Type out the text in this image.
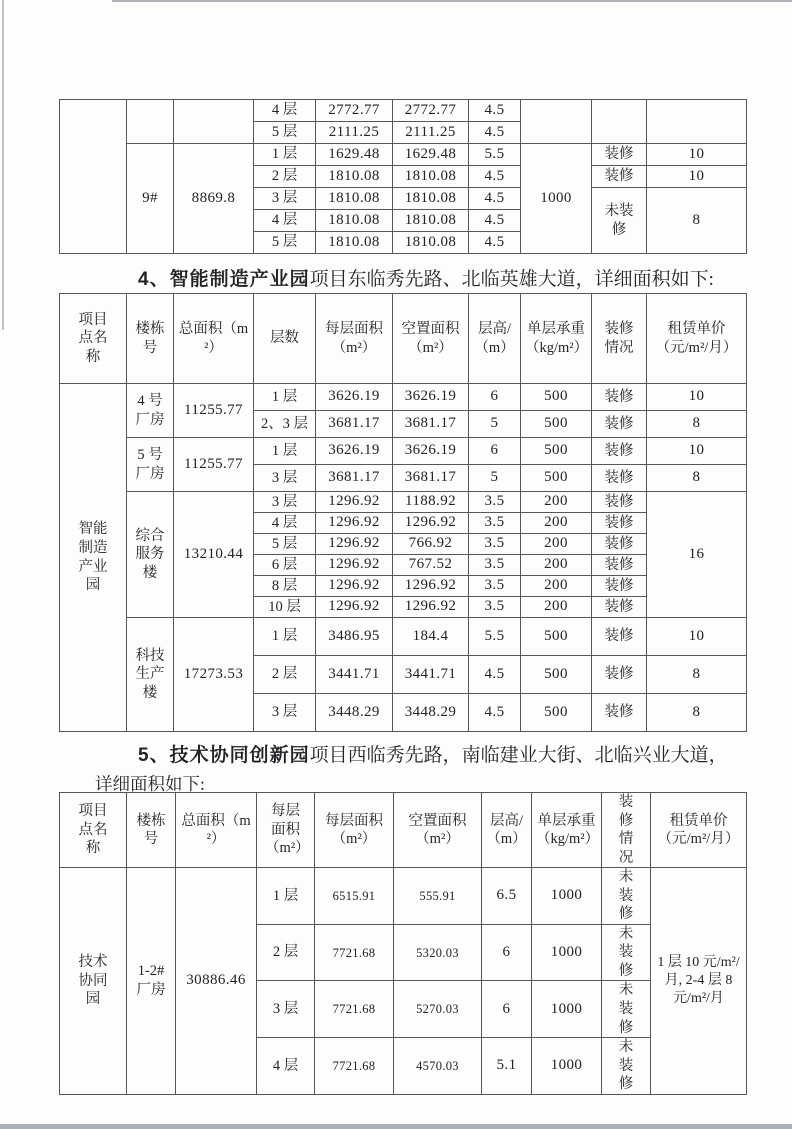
			4 层	2772.77	2772.77	4.5			
			5 层	2111.25	2111.25	4.5			
	9#	8869.8	1 层	1629.48	1629.48	5.5	1000	装修	10
			2 层	1810.08	1810.08	4.5		装修	10
			3 层	1810.08	1810.08	4.5		未装修	8
			4 层	1810.08	1810.08	4.5			
			5 层	1810.08	1810.08	4.5			
4、智能制造产业园项目东临秀先路、北临英雄大道，详细面积如下:
项目点名称	楼栋号	总面积（m²）	层数	每层面积（m²）	空置面积（m²）	层高/（m）	单层承重（kg/m²）	装修情况	租赁单价（元/m²/月）
智能制造产业园	4 号厂房	11255.77	1 层	3626.19	3626.19	6	500	装修	10
			2、3 层	3681.17	3681.17	5	500	装修	8
	5 号厂房	11255.77	1 层	3626.19	3626.19	6	500	装修	10
			3 层	3681.17	3681.17	5	500	装修	8
	综合服务楼	13210.44	3 层	1296.92	1188.92	3.5	200	装修	16
			4 层	1296.92	1296.92	3.5	200	装修	
			5 层	1296.92	766.92	3.5	200	装修	
			6 层	1296.92	767.52	3.5	200	装修	
			8 层	1296.92	1296.92	3.5	200	装修	
			10 层	1296.92	1296.92	3.5	200	装修	
	科技生产楼	17273.53	1 层	3486.95	184.4	5.5	500	装修	10
			2 层	3441.71	3441.71	4.5	500	装修	8
			3 层	3448.29	3448.29	4.5	500	装修	8
5、技术协同创新园项目西临秀先路，南临建业大街、北临兴业大道，
详细面积如下:
项目点名称	楼栋号	总面积（m²）	每层面积（m²）	每层面积（m²）	空置面积（m²）	层高/（m）	单层承重（kg/m²）	装修情况	租赁单价（元/m²/月）
技术协同园	1-2# 厂房	30886.46	1 层	6515.91	555.91	6.5	1000	未装修	1 层 10 元/m²/月, 2-4 层 8 元/m²/月
			2 层	7721.68	5320.03	6	1000	未装修	
			3 层	7721.68	5270.03	6	1000	未装修	
			4 层	7721.68	4570.03	5.1	1000	未装修	
